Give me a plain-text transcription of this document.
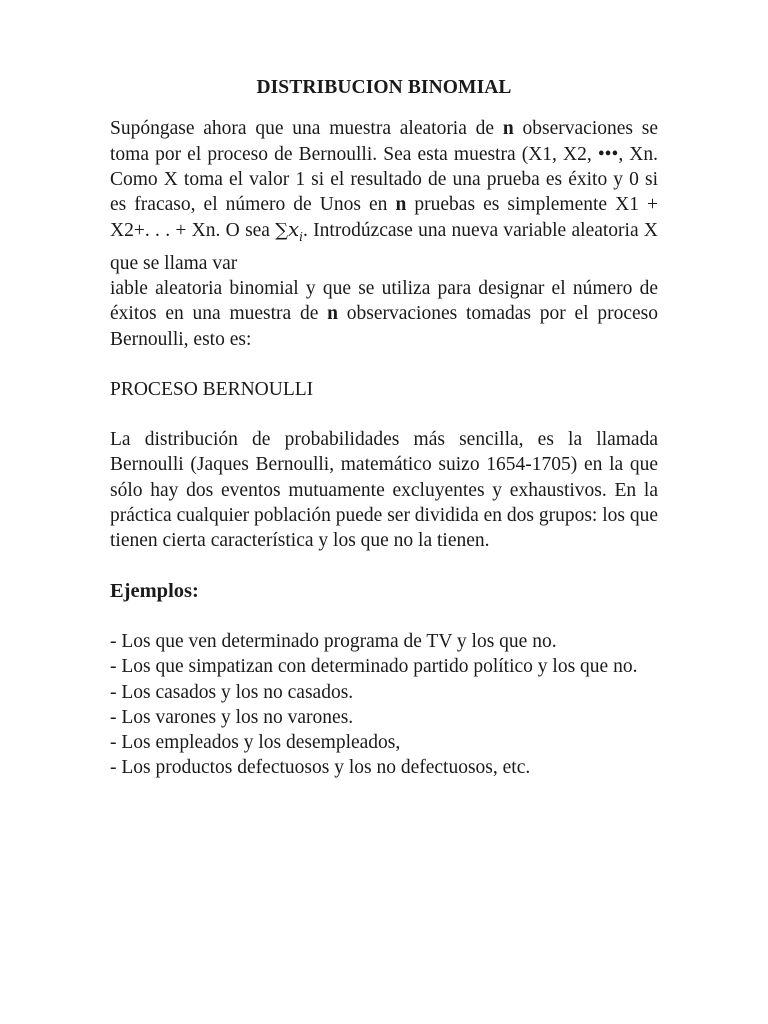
DISTRIBUCION BINOMIAL

Supóngase ahora que una muestra aleatoria de n observaciones se toma por el proceso de Bernoulli. Sea esta muestra (X1, X2, •••, Xn. Como X toma el valor 1 si el resultado de una prueba es éxito y 0 si es fracaso, el número de Unos en n pruebas es simplemente X1 + X2+. . . + Xn. O sea $\sum x_i$. Introdúzcase una nueva variable aleatoria X que se llama var
iable aleatoria binomial y que se utiliza para designar el número de éxitos en una muestra de n observaciones tomadas por el proceso Bernoulli, esto es:

PROCESO BERNOULLI

La distribución de probabilidades más sencilla, es la llamada Bernoulli (Jaques Bernoulli, matemático suizo 1654-1705) en la que sólo hay dos eventos mutuamente excluyentes y exhaustivos. En la práctica cualquier población puede ser dividida en dos grupos: los que tienen cierta característica y los que no la tienen.

Ejemplos:

- Los que ven determinado programa de TV y los que no.

- Los que simpatizan con determinado partido político y los que no.

- Los casados y los no casados.

- Los varones y los no varones.

- Los empleados y los desempleados,

- Los productos defectuosos y los no defectuosos, etc.
